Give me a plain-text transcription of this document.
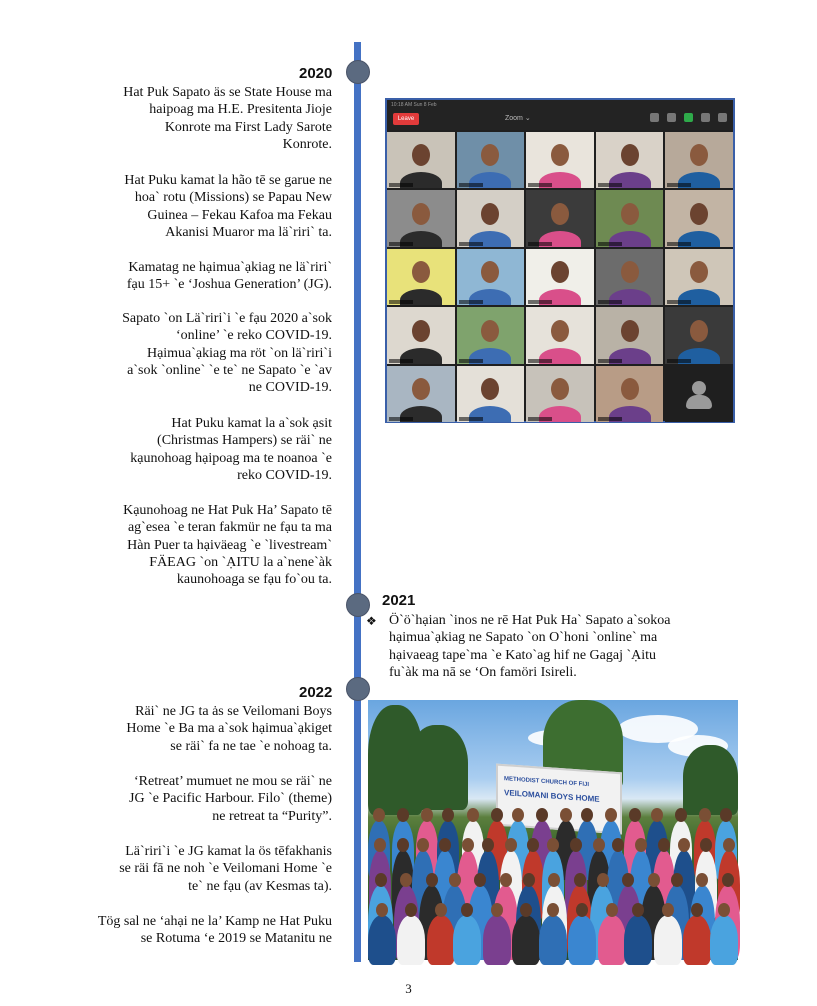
2020
Hat Puk Sapato äs se State House ma
haipoag ma H.E. Presitenta Jioje
Konrote ma First Lady Sarote
Konrote.
Hat Puku kamat la hão tē se garue ne
hoa` rotu (Missions) se Papau New
Guinea – Fekau Kafoa ma Fekau
Akanisi Muaror ma lä`riri` ta.
Kamatag ne hạimua`ạkiag ne lä`riri`
fạu 15+ `e ‘Joshua Generation’ (JG).
Sapato `on Lä`riri`i `e fạu 2020 a`sok
‘online’ `e reko COVID-19.
Hạimua`ạkiag ma röt `on lä`riri`i
a`sok `online` `e te` ne Sapato `e `av
ne COVID-19.
Hat Puku kamat la a`sok ạsit
(Christmas Hampers) se räi` ne
kạunohoag hạipoag ma te noanoa `e
reko COVID-19.
Kạunohoag ne Hat Puk Ha’ Sapato tē
ag`esea `e teran fakmür ne fạu ta ma
Hàn Puer ta hạiväeag `e `livestream`
FÄEAG `on `ẠITU la a`nene`àk
kaunohoaga se fạu fo`ou ta.
10:18 AM Sun 8 Feb
Leave	Zoom ⌄
2021
❖ Ö`ö`hạian `inos ne rē Hat Puk Ha` Sapato a`sokoa
hạimua`ạkiag ne Sapato `on O`honi `online` ma
hạivaeag tape`ma `e Kato`ag hif ne Gagaj `Ạitu
fu`àk ma nā se ‘On famöri Isireli.
2022
Räi` ne JG ta ȧs se Veilomani Boys
Home `e Ba ma a`sok hạimua`ạkiget
se räi` fa ne tae `e nohoag ta.
‘Retreat’ mumuet ne mou se räi` ne
JG `e Pacific Harbour. Filo` (theme)
ne retreat ta “Purity”.
Lä`riri`i `e JG kamat la ös tēfakhanis
se räi fā ne noh `e Veilomani Home `e
te` ne fạu (av Kesmas ta).
Tög sal ne ‘ahại ne la’ Kamp ne Hat Puku
se Rotuma ‘e 2019 se Matanitu ne
METHODIST CHURCH OF FIJI
VEILOMANI BOYS HOME
3
